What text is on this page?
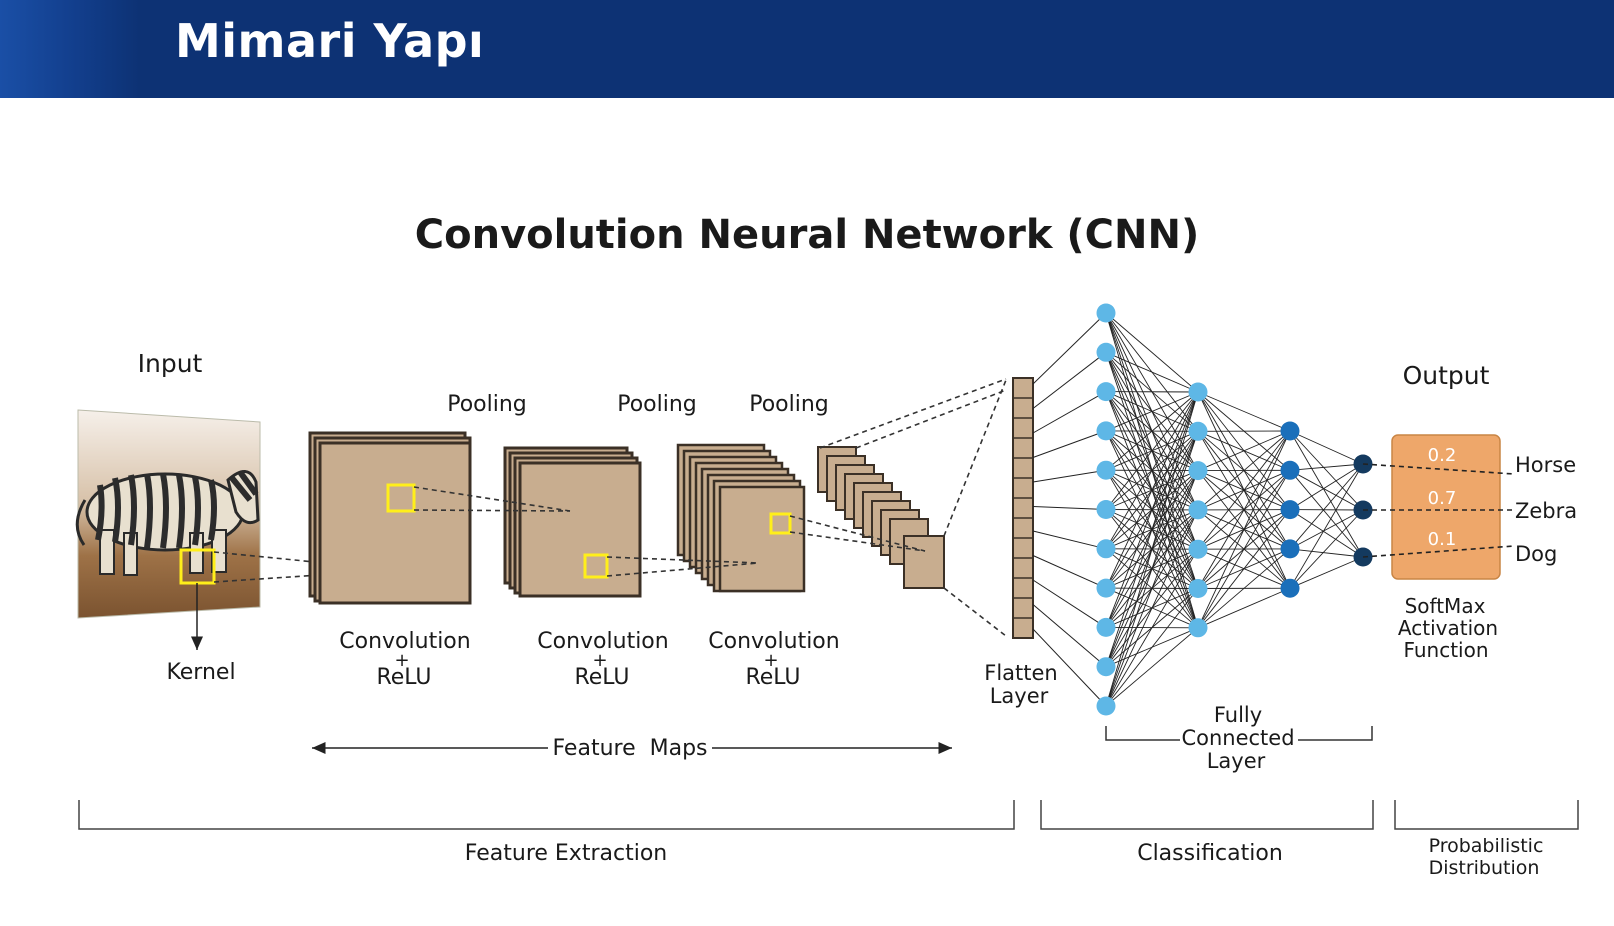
Mimari Yapı
Convolution Neural Network (CNN)
Input
Kernel
Pooling	Pooling Pooling
Convolution
+
ReLU
Convolution
+
ReLU
Convolution
+
ReLU
Feature  Maps
Flatten
Layer
Fully
Connected
Layer
Output
0.2
0.7
0.1
Horse
Zebra
Dog
SoftMax
Activation
Function
Feature Extraction	Classification	Probabilistic
Distribution
